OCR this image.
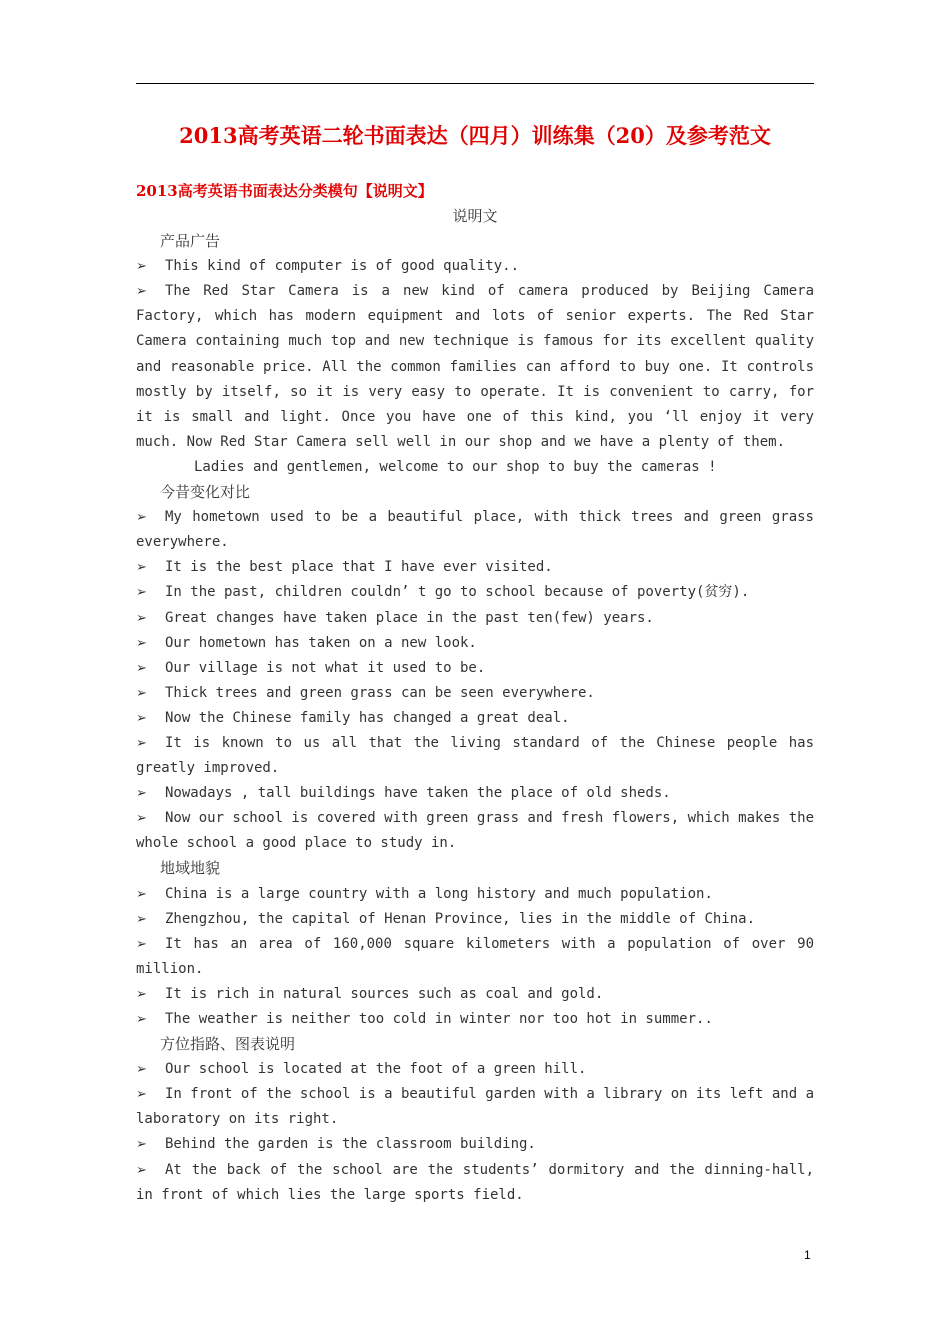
2013高考英语二轮书面表达（四月）训练集（20）及参考范文
2013高考英语书面表达分类模句【说明文】
说明文
产品广告
➢ This kind of computer is of good quality..
➢ The Red Star Camera is a new kind of camera produced by Beijing Camera Factory, which has modern equipment and lots of senior experts. The Red Star Camera containing much top and new technique is famous for its excellent quality and reasonable price. All the common families can afford to buy one. It controls mostly by itself, so it is very easy to operate. It is convenient to carry, for it is small and light. Once you have one of this kind, you ‘ll enjoy it very much. Now Red Star Camera sell well in our shop and we have a plenty of them.
Ladies and gentlemen, welcome to our shop to buy the cameras !
今昔变化对比
➢ My hometown used to be a beautiful place, with thick trees and green grass everywhere.
➢ It is the best place that I have ever visited.
➢ In the past, children couldn’ t go to school because of poverty(贫穷).
➢ Great changes have taken place in the past ten(few) years.
➢ Our hometown has taken on a new look.
➢ Our village is not what it used to be.
➢ Thick trees and green grass can be seen everywhere.
➢ Now the Chinese family has changed a great deal.
➢ It is known to us all that the living standard of the Chinese people has greatly improved.
➢ Nowadays , tall buildings have taken the place of old sheds.
➢ Now our school is covered with green grass and fresh flowers, which makes the whole school a good place to study in.
地域地貌
➢ China is a large country with a long history and much population.
➢ Zhengzhou, the capital of Henan Province, lies in the middle of China.
➢ It has an area of 160,000 square kilometers with a population of over 90 million.
➢ It is rich in natural sources such as coal and gold.
➢ The weather is neither too cold in winter nor too hot in summer..
方位指路、图表说明
➢ Our school is located at the foot of a green hill.
➢ In front of the school is a beautiful garden with a library on its left and a laboratory on its right.
➢ Behind the garden is the classroom building.
➢ At the back of the school are the students’ dormitory and the dinning-hall, in front of which lies the large sports field.
1
